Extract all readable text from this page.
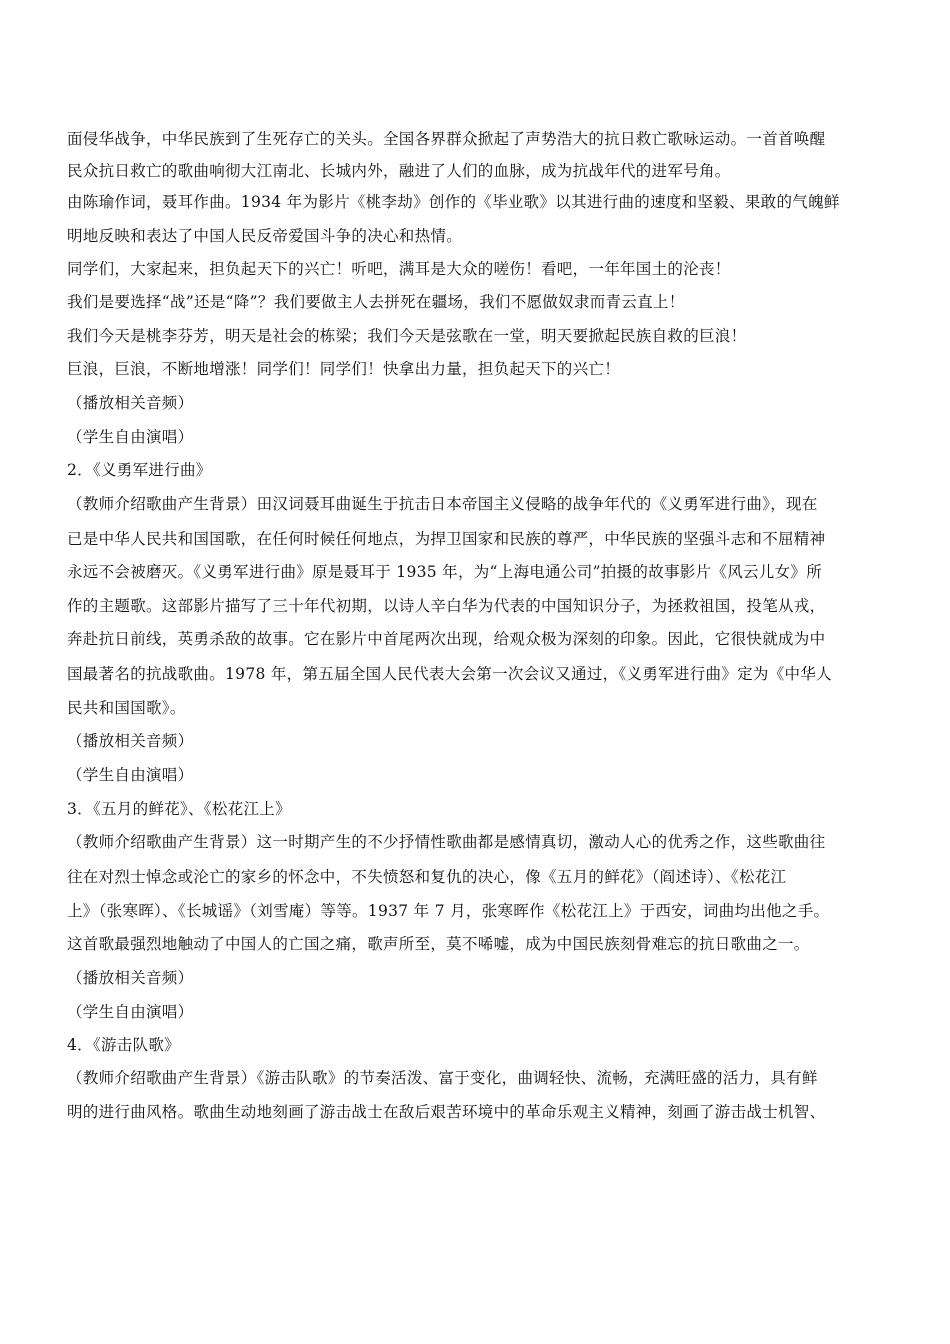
面侵华战争，中华民族到了生死存亡的关头。全国各界群众掀起了声势浩大的抗日救亡歌咏运动。一首首唤醒
民众抗日救亡的歌曲响彻大江南北、长城内外，融进了人们的血脉，成为抗战年代的进军号角。
由陈瑜作词，聂耳作曲。1934 年为影片《桃李劫》创作的《毕业歌》以其进行曲的速度和坚毅、果敢的气魄鲜
明地反映和表达了中国人民反帝爱国斗争的决心和热情。
同学们，大家起来，担负起天下的兴亡！听吧，满耳是大众的嗟伤！看吧，一年年国土的沦丧！
我们是要选择“战”还是“降”？我们要做主人去拼死在疆场，我们不愿做奴隶而青云直上！
我们今天是桃李芬芳，明天是社会的栋梁；我们今天是弦歌在一堂，明天要掀起民族自救的巨浪！
巨浪，巨浪，不断地增涨！同学们！同学们！快拿出力量，担负起天下的兴亡！
（播放相关音频）
（学生自由演唱）
2．《义勇军进行曲》
（教师介绍歌曲产生背景）田汉词聂耳曲诞生于抗击日本帝国主义侵略的战争年代的《义勇军进行曲》，现在
已是中华人民共和国国歌，在任何时候任何地点，为捍卫国家和民族的尊严，中华民族的坚强斗志和不屈精神
永远不会被磨灭。《义勇军进行曲》原是聂耳于 1935 年，为“上海电通公司”拍摄的故事影片《风云儿女》所
作的主题歌。这部影片描写了三十年代初期，以诗人辛白华为代表的中国知识分子，为拯救祖国，投笔从戎，
奔赴抗日前线，英勇杀敌的故事。它在影片中首尾两次出现，给观众极为深刻的印象。因此，它很快就成为中
国最著名的抗战歌曲。1978 年，第五届全国人民代表大会第一次会议又通过，《义勇军进行曲》定为《中华人
民共和国国歌》。
（播放相关音频）
（学生自由演唱）
3．《五月的鲜花》、《松花江上》
（教师介绍歌曲产生背景）这一时期产生的不少抒情性歌曲都是感情真切，激动人心的优秀之作，这些歌曲往
往在对烈士悼念或沦亡的家乡的怀念中，不失愤怒和复仇的决心，像《五月的鲜花》（阎述诗）、《松花江
上》（张寒晖）、《长城谣》（刘雪庵）等等。1937 年 7 月，张寒晖作《松花江上》于西安，词曲均出他之手。
这首歌最强烈地触动了中国人的亡国之痛，歌声所至，莫不唏嘘，成为中国民族刻骨难忘的抗日歌曲之一。
（播放相关音频）
（学生自由演唱）
4．《游击队歌》
（教师介绍歌曲产生背景）《游击队歌》的节奏活泼、富于变化，曲调轻快、流畅，充满旺盛的活力，具有鲜
明的进行曲风格。歌曲生动地刻画了游击战士在敌后艰苦环境中的革命乐观主义精神，刻画了游击战士机智、
